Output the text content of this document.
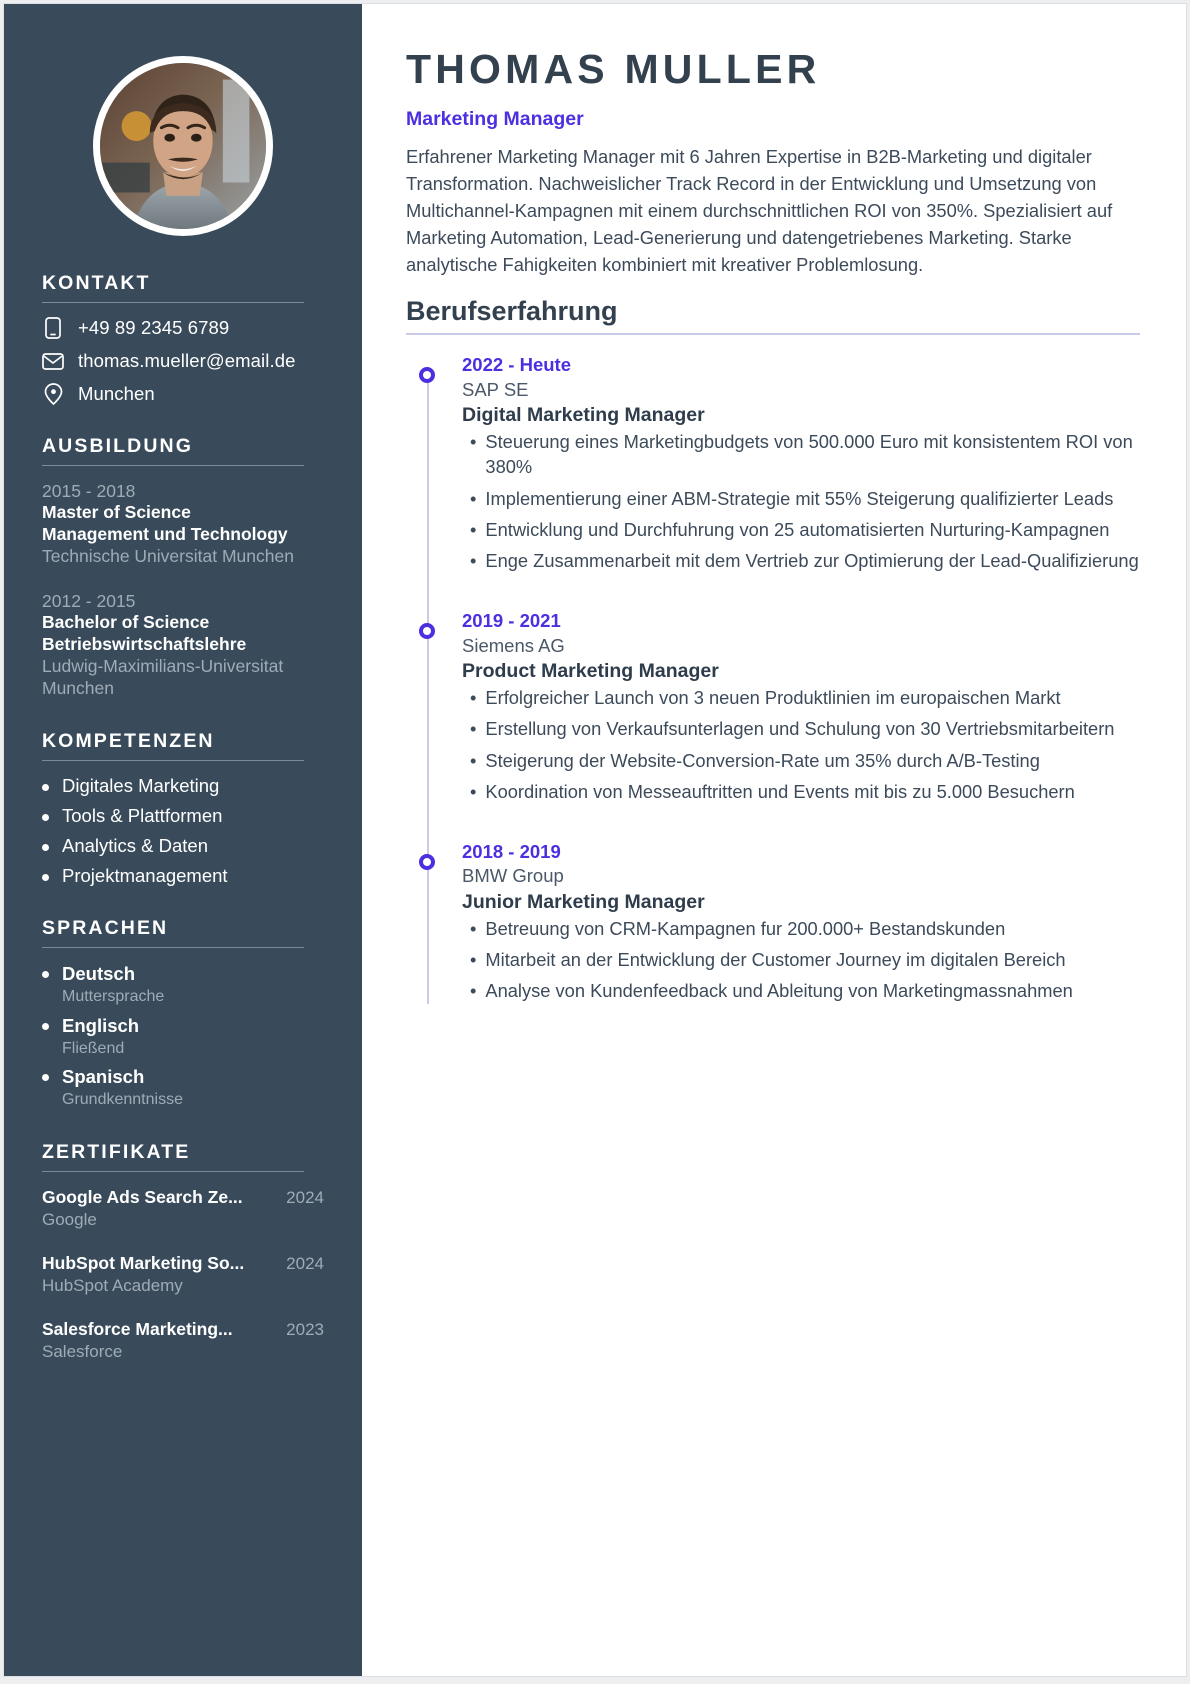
KONTAKT
+49 89 2345 6789
thomas.mueller@email.de
Munchen
AUSBILDUNG
2015 - 2018
Master of Science
Management und Technology
Technische Universitat Munchen
2012 - 2015
Bachelor of Science
Betriebswirtschaftslehre
Ludwig-Maximilians-Universitat Munchen
KOMPETENZEN
Digitales Marketing
Tools & Plattformen
Analytics & Daten
Projektmanagement
SPRACHEN
Deutsch
Muttersprache
Englisch
Fließend
Spanisch
Grundkenntnisse
ZERTIFIKATE
Google Ads Search Ze...	2024
Google
HubSpot Marketing So... 2024
HubSpot Academy
Salesforce Marketing...	2023
Salesforce
THOMAS MULLER
Marketing Manager

Erfahrener Marketing Manager mit 6 Jahren Expertise in B2B-Marketing und digitaler Transformation. Nachweislicher Track Record in der Entwicklung und Umsetzung von Multichannel-Kampagnen mit einem durchschnittlichen ROI von 350%. Spezialisiert auf Marketing Automation, Lead-Generierung und datengetriebenes Marketing. Starke analytische Fahigkeiten kombiniert mit kreativer Problemlosung.

Berufserfahrung
2022 - Heute
SAP SE
Digital Marketing Manager
• Steuerung eines Marketingbudgets von 500.000 Euro mit konsistentem ROI von 380%
• Implementierung einer ABM-Strategie mit 55% Steigerung qualifizierter Leads
• Entwicklung und Durchfuhrung von 25 automatisierten Nurturing-Kampagnen
• Enge Zusammenarbeit mit dem Vertrieb zur Optimierung der Lead-Qualifizierung
2019 - 2021
Siemens AG
Product Marketing Manager
• Erfolgreicher Launch von 3 neuen Produktlinien im europaischen Markt
• Erstellung von Verkaufsunterlagen und Schulung von 30 Vertriebsmitarbeitern
• Steigerung der Website-Conversion-Rate um 35% durch A/B-Testing
• Koordination von Messeauftritten und Events mit bis zu 5.000 Besuchern
2018 - 2019
BMW Group
Junior Marketing Manager
• Betreuung von CRM-Kampagnen fur 200.000+ Bestandskunden
• Mitarbeit an der Entwicklung der Customer Journey im digitalen Bereich
• Analyse von Kundenfeedback und Ableitung von Marketingmassnahmen
